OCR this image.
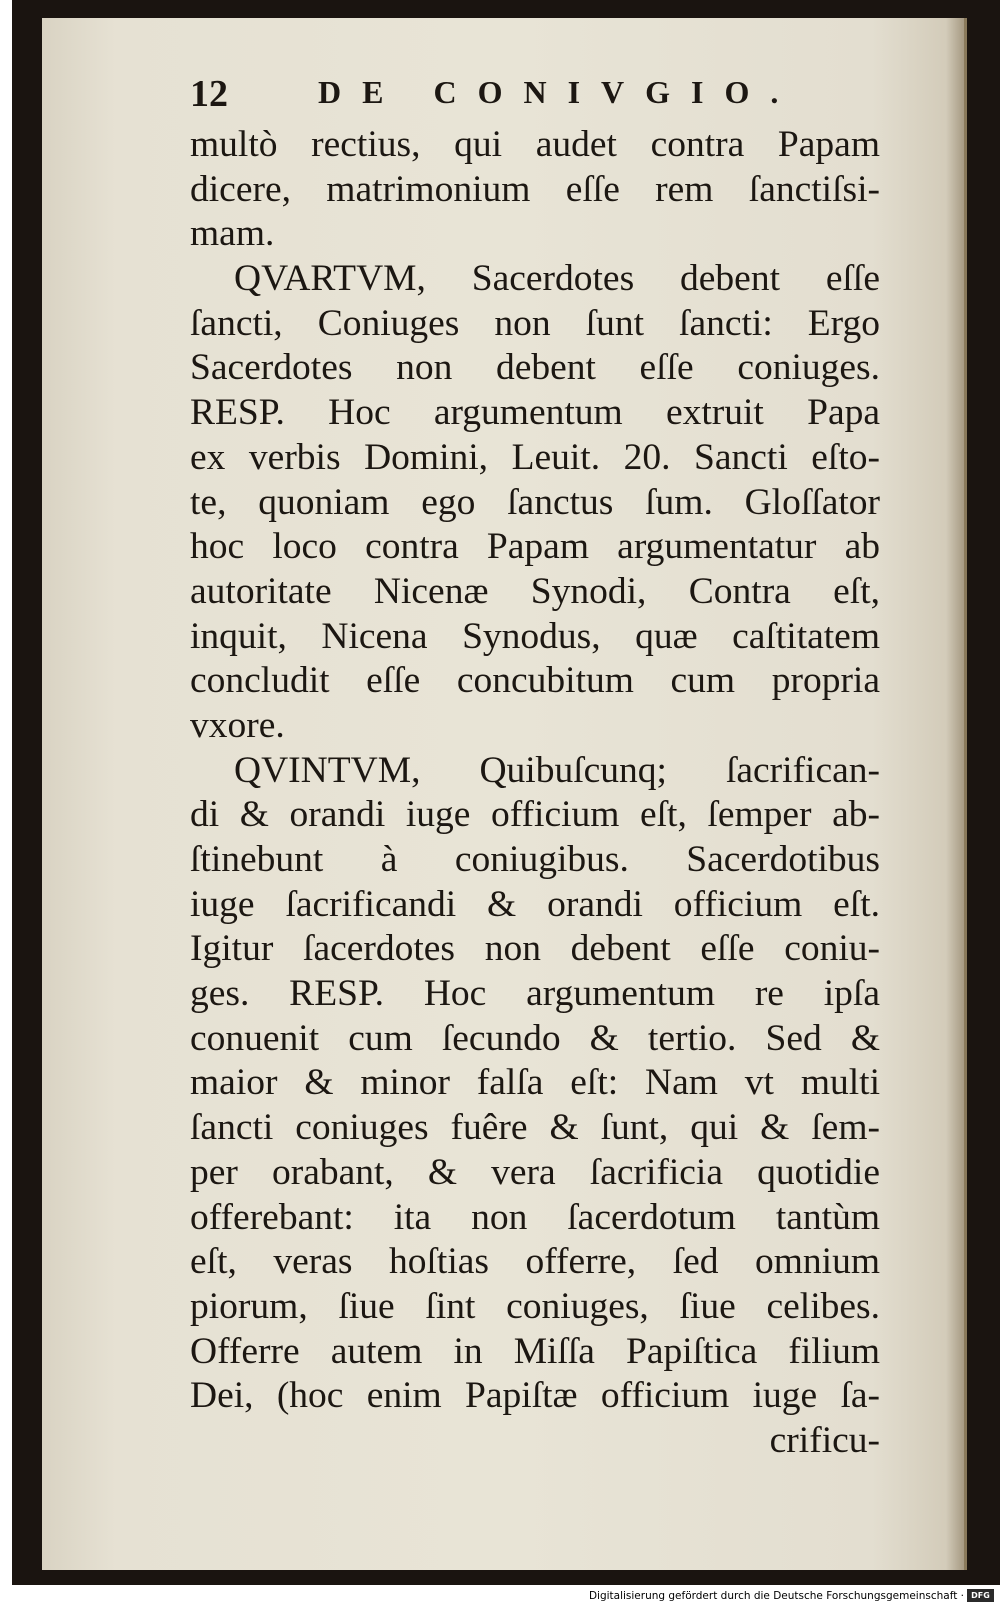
12	DE CONIVGIO.
multò rectius, qui audet contra Papam
dicere, matrimonium eſſe rem ſanctiſsi-
mam.
QVARTVM, Sacerdotes debent eſſe
ſancti, Coniuges non ſunt ſancti: Ergo
Sacerdotes non debent eſſe coniuges.
RESP. Hoc argumentum extruit Papa
ex verbis Domini, Leuit. 20. Sancti eſto-
te, quoniam ego ſanctus ſum. Gloſſator
hoc loco contra Papam argumentatur ab
autoritate Nicenæ Synodi, Contra eſt,
inquit, Nicena Synodus, quæ caſtitatem
concludit eſſe concubitum cum propria
vxore.
QVINTVM, Quibuſcunq; ſacrifican-
di & orandi iuge officium eſt, ſemper ab-
ſtinebunt à coniugibus. Sacerdotibus
iuge ſacrificandi & orandi officium eſt.
Igitur ſacerdotes non debent eſſe coniu-
ges. RESP. Hoc argumentum re ipſa
conuenit cum ſecundo & tertio. Sed &
maior & minor falſa eſt: Nam vt multi
ſancti coniuges fuêre & ſunt, qui & ſem-
per orabant, & vera ſacrificia quotidie
offerebant: ita non ſacerdotum tantùm
eſt, veras hoſtias offerre, ſed omnium
piorum, ſiue ſint coniuges, ſiue celibes.
Offerre autem in Miſſa Papiſtica filium
Dei, (hoc enim Papiſtæ officium iuge ſa-
crificu-
Digitalisierung gefördert durch die Deutsche Forschungsgemeinschaft · DFG
